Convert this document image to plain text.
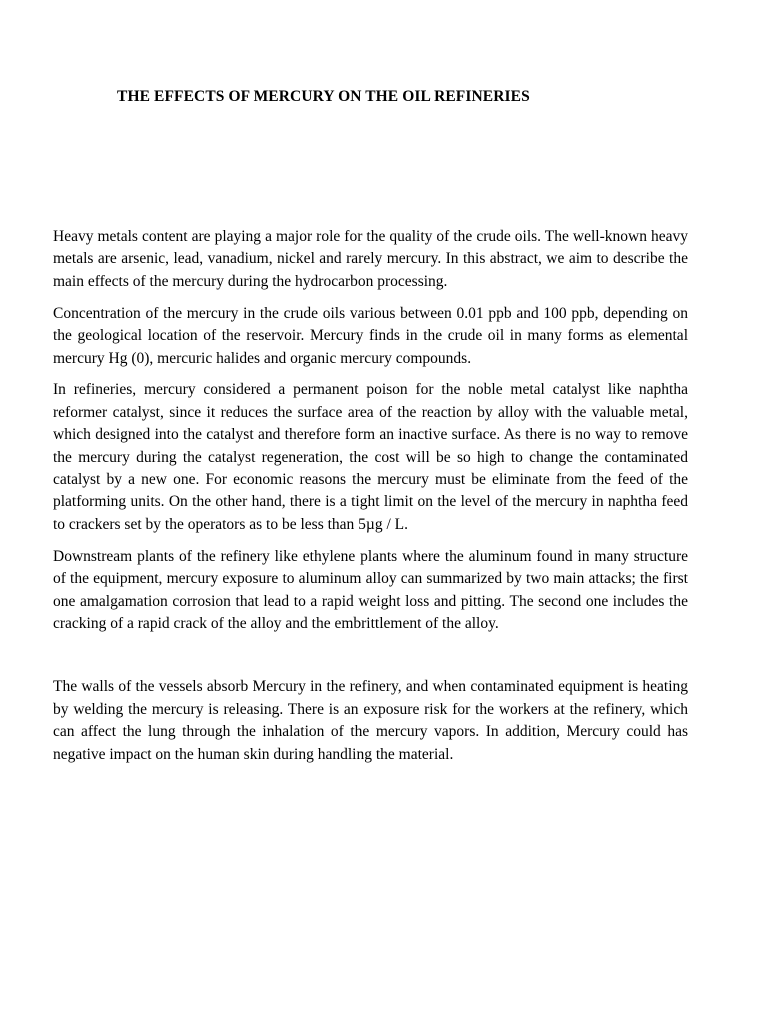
THE EFFECTS OF MERCURY ON THE OIL REFINERIES

Heavy metals content are playing a major role for the quality of the crude oils. The well-known heavy metals are arsenic, lead, vanadium, nickel and rarely mercury. In this abstract, we aim to describe the main effects of the mercury during the hydrocarbon processing.

Concentration of the mercury in the crude oils various between 0.01 ppb and 100 ppb, depending on the geological location of the reservoir. Mercury finds in the crude oil in many forms as elemental mercury Hg (0), mercuric halides and organic mercury compounds.

In refineries, mercury considered a permanent poison for the noble metal catalyst like naphtha reformer catalyst, since it reduces the surface area of the reaction by alloy with the valuable metal, which designed into the catalyst and therefore form an inactive surface. As there is no way to remove the mercury during the catalyst regeneration, the cost will be so high to change the contaminated catalyst by a new one. For economic reasons the mercury must be eliminate from the feed of the platforming units. On the other hand, there is a tight limit on the level of the mercury in naphtha feed to crackers set by the operators as to be less than 5µg / L.

Downstream plants of the refinery like ethylene plants where the aluminum found in many structure of the equipment, mercury exposure to aluminum alloy can summarized by two main attacks; the first one amalgamation corrosion that lead to a rapid weight loss and pitting. The second one includes the cracking of a rapid crack of the alloy and the embrittlement of the alloy.

The walls of the vessels absorb Mercury in the refinery, and when contaminated equipment is heating by welding the mercury is releasing. There is an exposure risk for the workers at the refinery, which can affect the lung through the inhalation of the mercury vapors. In addition, Mercury could has negative impact on the human skin during handling the material.
